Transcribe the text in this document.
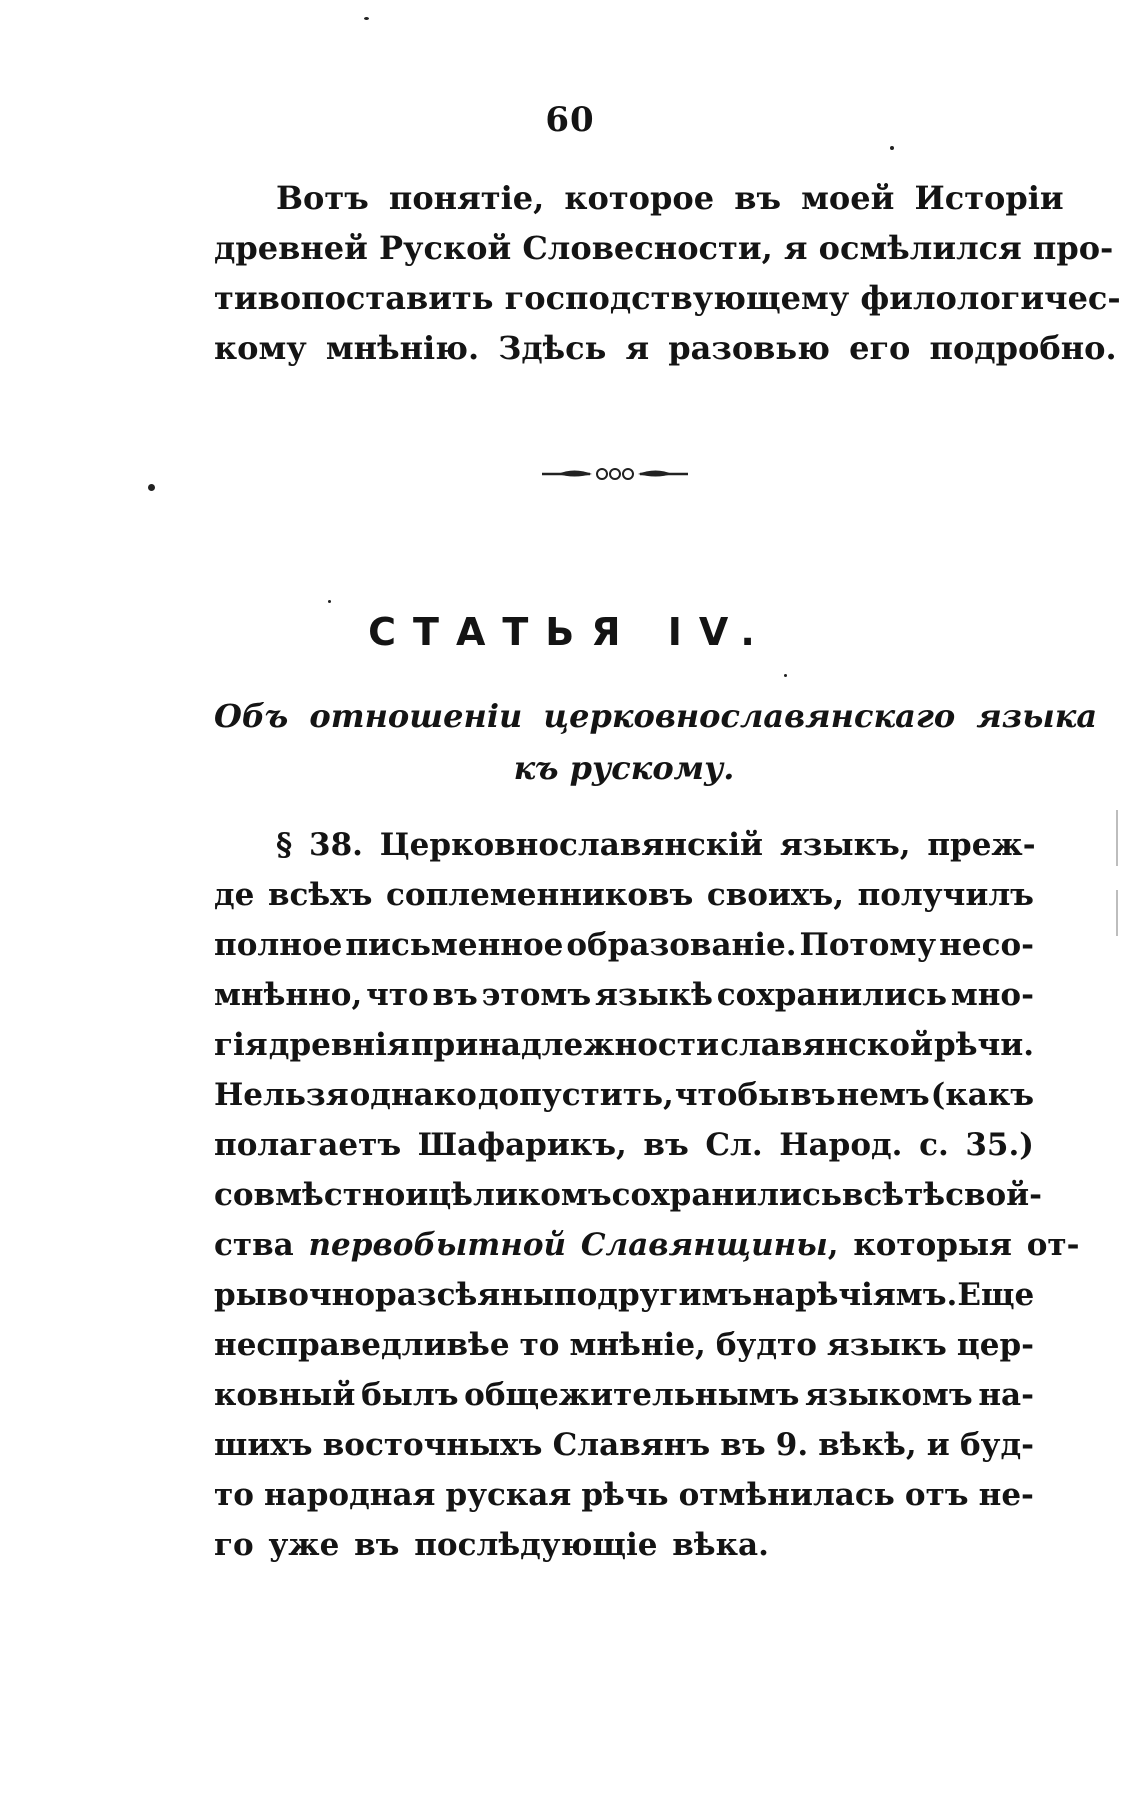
60
Вотъ понятіе, которое въ моей Исторіи
древней Руской Словесности, я осмѣлился про-
тивопоставить господствующему филологичес-
кому мнѣнію. Здѣсь я разовью его подробно.
СТАТЬЯ IV.
Объ отношеніи церковнославянскаго языка
къ рускому.
§ 38. Церковнославянскій языкъ, преж-
де всѣхъ соплеменниковъ своихъ, получилъ
полное письменное образованіе. Потому несо-
мнѣнно, что въ этомъ языкѣ сохранились мно-
гія древнія принадлежности славянской рѣчи.
Нельзя однако допустить, чтобы въ немъ (какъ
полагаетъ Шафарикъ, въ Сл. Народ. с. 35.)
совмѣстно и цѣликомъ сохранились всѣ тѣ свой-
ства первобытной Славянщины, которыя от-
рывочно разсѣяны по другимъ нарѣчіямъ. Еще
несправедливѣе то мнѣніе, будто языкъ цер-
ковный былъ общежительнымъ языкомъ на-
шихъ восточныхъ Славянъ въ 9. вѣкѣ, и буд-
то народная руская рѣчь отмѣнилась отъ не-
го уже въ послѣдующіе вѣка.
